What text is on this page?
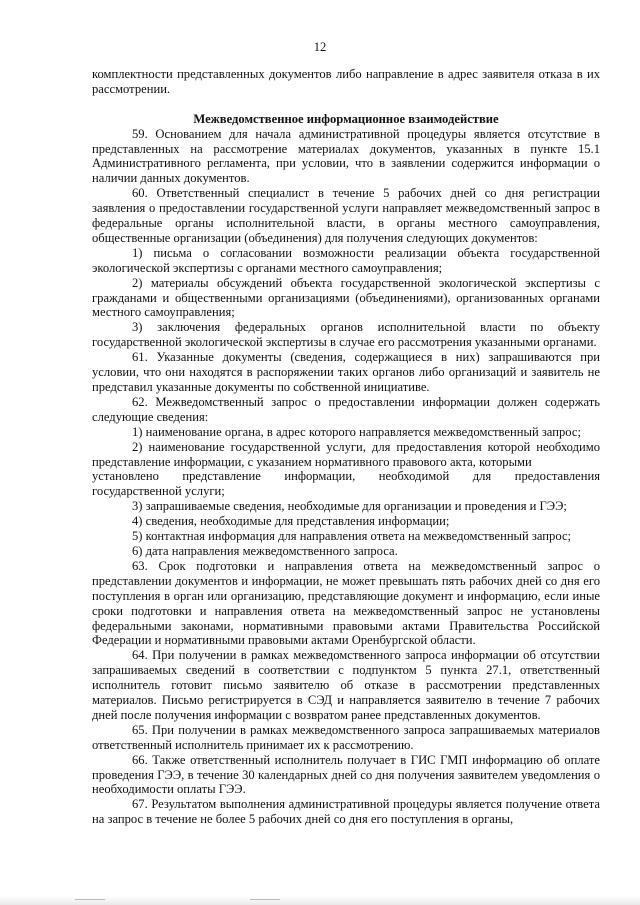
12

комплектности представленных документов либо направление в адрес заявителя отказа в их рассмотрении.

Межведомственное информационное взаимодействие

59. Основанием для начала административной процедуры является отсутствие в представленных на рассмотрение материалах документов, указанных в пункте 15.1 Административного регламента, при условии, что в заявлении содержится информации о наличии данных документов.

60. Ответственный специалист в течение 5 рабочих дней со дня регистрации заявления о предоставлении государственной услуги направляет межведомственный запрос в федеральные органы исполнительной власти, в органы местного самоуправления, общественные организации (объединения) для получения следующих документов:

1) письма о согласовании возможности реализации объекта государственной экологической экспертизы с органами местного самоуправления;

2) материалы обсуждений объекта государственной экологической экспертизы с гражданами и общественными организациями (объединениями), организованных органами местного самоуправления;

3) заключения федеральных органов исполнительной власти по объекту государственной экологической экспертизы в случае его рассмотрения указанными органами.

61. Указанные документы (сведения, содержащиеся в них) запрашиваются при условии, что они находятся в распоряжении таких органов либо организаций и заявитель не представил указанные документы по собственной инициативе.

62. Межведомственный запрос о предоставлении информации должен содержать следующие сведения:

1) наименование органа, в адрес которого направляется межведомственный запрос;

2) наименование государственной услуги, для предоставления которой необходимо представление информации, с указанием нормативного правового акта, которыми

установлено представление информации, необходимой для предоставления

государственной услуги;

3) запрашиваемые сведения, необходимые для организации и проведения и ГЭЭ;

4) сведения, необходимые для представления информации;

5) контактная информация для направления ответа на межведомственный запрос;

6) дата направления межведомственного запроса.

63. Срок подготовки и направления ответа на межведомственный запрос о представлении документов и информации, не может превышать пять рабочих дней со дня его поступления в орган или организацию, представляющие документ и информацию, если иные сроки подготовки и направления ответа на межведомственный запрос не установлены федеральными законами, нормативными правовыми актами Правительства Российской Федерации и нормативными правовыми актами Оренбургской области.

64. При получении в рамках межведомственного запроса информации об отсутствии запрашиваемых сведений в соответствии с подпунктом 5 пункта 27.1, ответственный исполнитель готовит письмо заявителю об отказе в рассмотрении представленных материалов. Письмо регистрируется в СЭД и направляется заявителю в течение 7 рабочих дней после получения информации с возвратом ранее представленных документов.

65. При получении в рамках межведомственного запроса запрашиваемых материалов ответственный исполнитель принимает их к рассмотрению.

66. Также ответственный исполнитель получает в ГИС ГМП информацию об оплате проведения ГЭЭ, в течение 30 календарных дней со дня получения заявителем уведомления о необходимости оплаты ГЭЭ.

67. Результатом выполнения административной процедуры является получение ответа на запрос в течение не более 5 рабочих дней со дня его поступления в органы,
